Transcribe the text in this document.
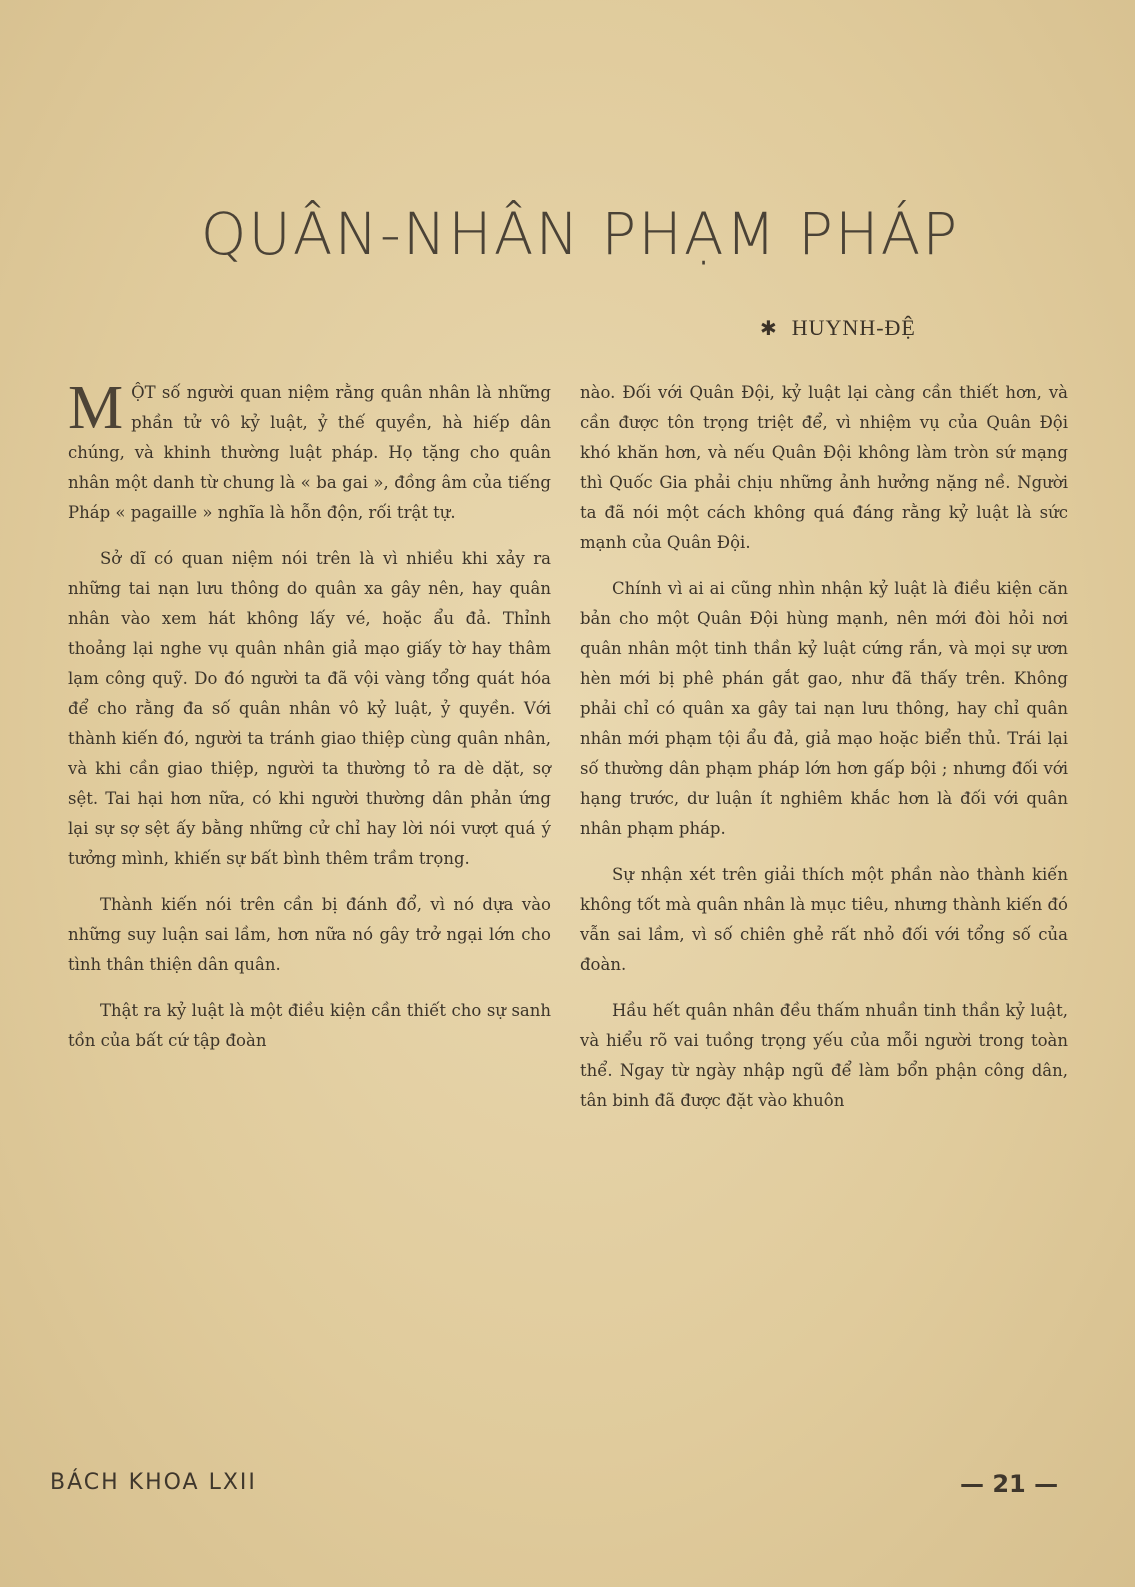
QUÂN-NHÂN PHẠM PHÁP
✱ HUYNH-ĐỆ

MỘT số người quan niệm rằng quân nhân là những phần tử vô kỷ luật, ỷ thế quyền, hà hiếp dân chúng, và khinh thường luật pháp. Họ tặng cho quân nhân một danh từ chung là « ba gai », đồng âm của tiếng Pháp « pagaille » nghĩa là hỗn độn, rối trật tự.

Sở dĩ có quan niệm nói trên là vì nhiều khi xảy ra những tai nạn lưu thông do quân xa gây nên, hay quân nhân vào xem hát không lấy vé, hoặc ẩu đả. Thỉnh thoảng lại nghe vụ quân nhân giả mạo giấy tờ hay thâm lạm công quỹ. Do đó người ta đã vội vàng tổng quát hóa để cho rằng đa số quân nhân vô kỷ luật, ỷ quyền. Với thành kiến đó, người ta tránh giao thiệp cùng quân nhân, và khi cần giao thiệp, người ta thường tỏ ra dè dặt, sợ sệt. Tai hại hơn nữa, có khi người thường dân phản ứng lại sự sợ sệt ấy bằng những cử chỉ hay lời nói vượt quá ý tưởng mình, khiến sự bất bình thêm trầm trọng.

Thành kiến nói trên cần bị đánh đổ, vì nó dựa vào những suy luận sai lầm, hơn nữa nó gây trở ngại lớn cho tình thân thiện dân quân.

Thật ra kỷ luật là một điều kiện cần thiết cho sự sanh tồn của bất cứ tập đoàn

nào. Đối với Quân Đội, kỷ luật lại càng cần thiết hơn, và cần được tôn trọng triệt để, vì nhiệm vụ của Quân Đội khó khăn hơn, và nếu Quân Đội không làm tròn sứ mạng thì Quốc Gia phải chịu những ảnh hưởng nặng nề. Người ta đã nói một cách không quá đáng rằng kỷ luật là sức mạnh của Quân Đội.

Chính vì ai ai cũng nhìn nhận kỷ luật là điều kiện căn bản cho một Quân Đội hùng mạnh, nên mới đòi hỏi nơi quân nhân một tinh thần kỷ luật cứng rắn, và mọi sự ươn hèn mới bị phê phán gắt gao, như đã thấy trên. Không phải chỉ có quân xa gây tai nạn lưu thông, hay chỉ quân nhân mới phạm tội ẩu đả, giả mạo hoặc biển thủ. Trái lại số thường dân phạm pháp lớn hơn gấp bội ; nhưng đối với hạng trước, dư luận ít nghiêm khắc hơn là đối với quân nhân phạm pháp.

Sự nhận xét trên giải thích một phần nào thành kiến không tốt mà quân nhân là mục tiêu, nhưng thành kiến đó vẫn sai lầm, vì số chiên ghẻ rất nhỏ đối với tổng số của đoàn.

Hầu hết quân nhân đều thấm nhuần tinh thần kỷ luật, và hiểu rõ vai tuồng trọng yếu của mỗi người trong toàn thể. Ngay từ ngày nhập ngũ để làm bổn phận công dân, tân binh đã được đặt vào khuôn

BÁCH KHOA LXII	— 21 —
